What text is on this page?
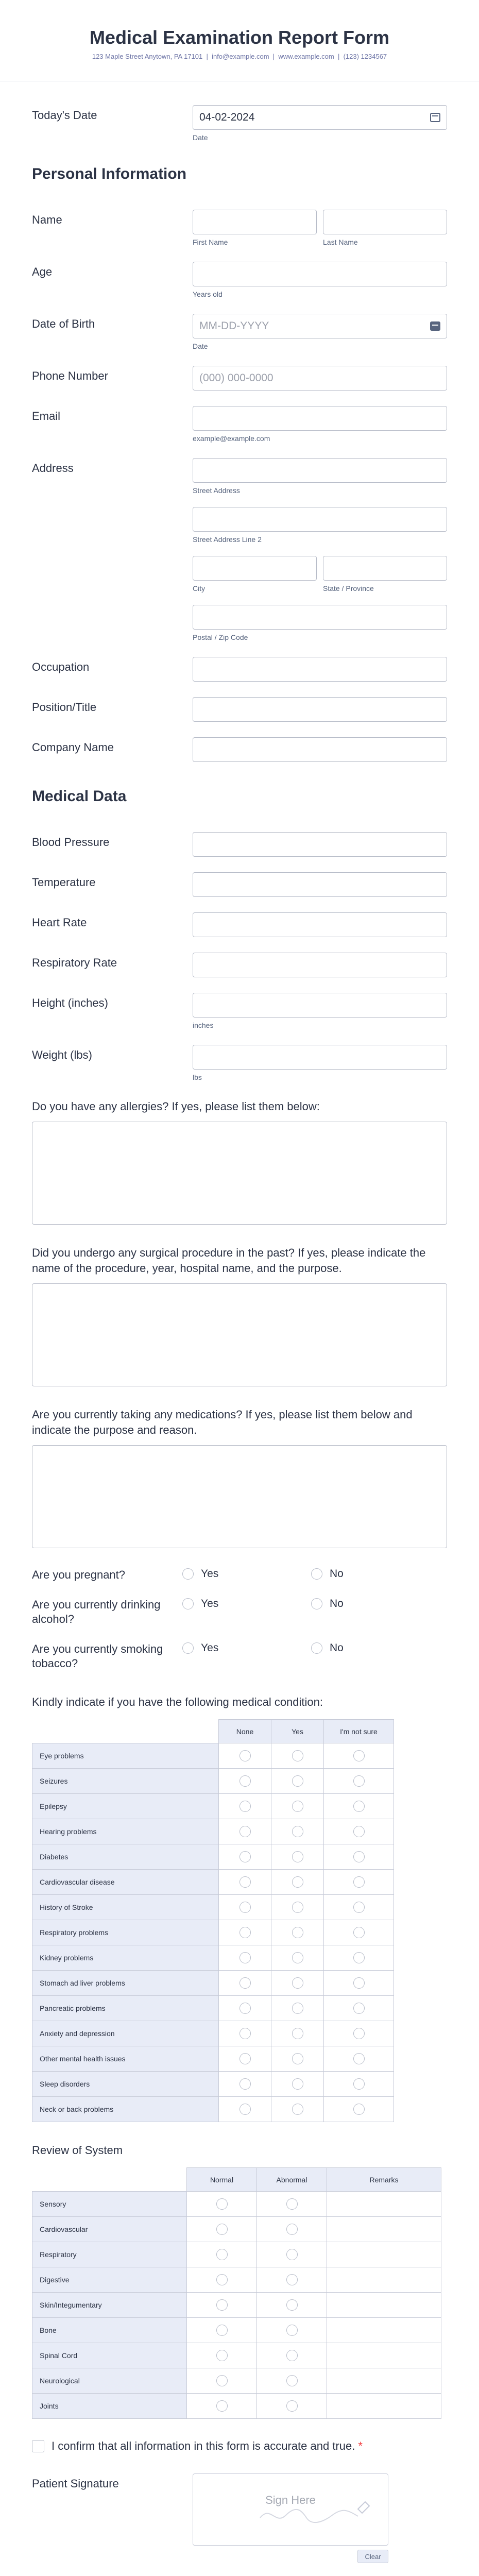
Medical Examination Report Form
123 Maple Street Anytown, PA 17101  |  info@example.com  |  www.example.com  |  (123) 1234567
Today's Date	04-02-2024
Date
Personal Information
Name
First Name	Last Name
Age
Years old
Date of Birth	MM-DD-YYYY
Date
Phone Number	(000) 000-0000
Email
example@example.com
Address
Street Address
Street Address Line 2
City	State / Province
Postal / Zip Code
Occupation
Position/Title
Company Name
Medical Data
Blood Pressure
Temperature
Heart Rate
Respiratory Rate
Height (inches)
inches
Weight (lbs)
lbs
Do you have any allergies? If yes, please list them below:
Did you undergo any surgical procedure in the past? If yes, please indicate the name of the procedure, year, hospital name, and the purpose.
Are you currently taking any medications? If yes, please list them below and indicate the purpose and reason.
Are you pregnant?	Yes	No
Are you currently drinking alcohol?
Yes	No
Are you currently smoking tobacco?
Yes	No
Kindly indicate if you have the following medical condition:
	None	Yes	I'm not sure
Eye problems			
Seizures			
Epilepsy			
Hearing problems			
Diabetes			
Cardiovascular disease			
History of Stroke			
Respiratory problems			
Kidney problems			
Stomach ad liver problems			
Pancreatic problems			
Anxiety and depression			
Other mental health issues			
Sleep disorders			
Neck or back problems			
Review of System
	Normal	Abnormal	Remarks
Sensory			
Cardiovascular			
Respiratory			
Digestive			
Skin/Integumentary			
Bone			
Spinal Cord			
Neurological			
Joints			
I confirm that all information in this form is accurate and true. *
Patient Signature
Sign Here
Clear
